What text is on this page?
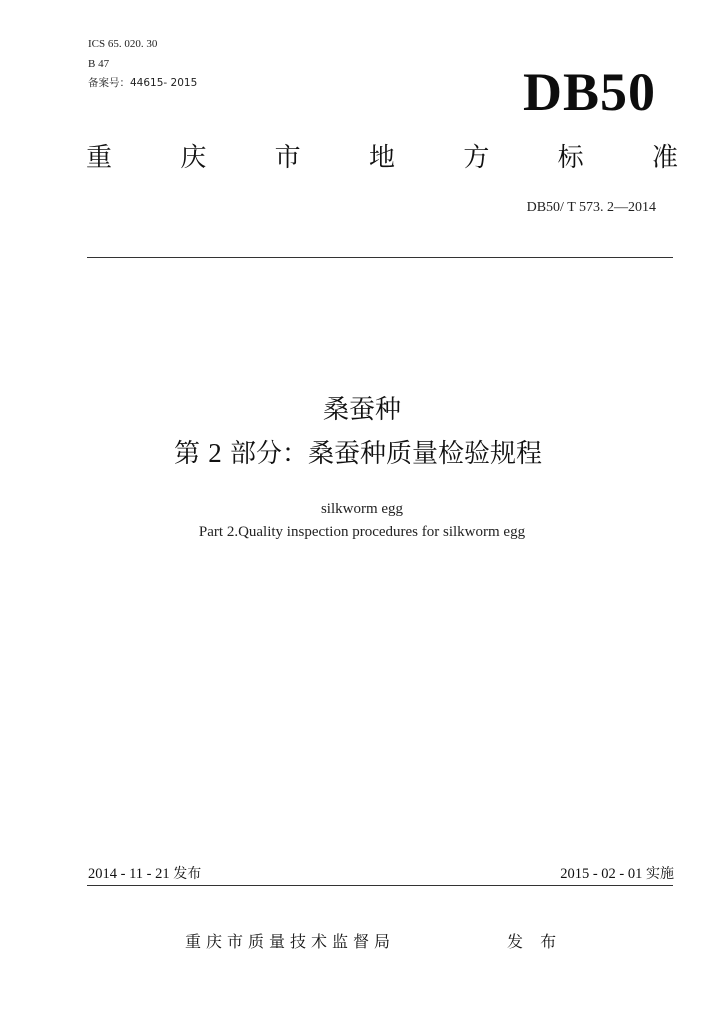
ICS 65. 020. 30
B 47
备案号：44615- 2015	DB50
重	庆	市	地	方	标	准
DB50/ T 573. 2—2014
桑蚕种
第 2 部分：桑蚕种质量检验规程
silkworm egg
Part 2.Quality inspection procedures for silkworm egg
2014 - 11 - 21 发布	2015 - 02 - 01 实施
重庆市质量技术监督局	发 布
